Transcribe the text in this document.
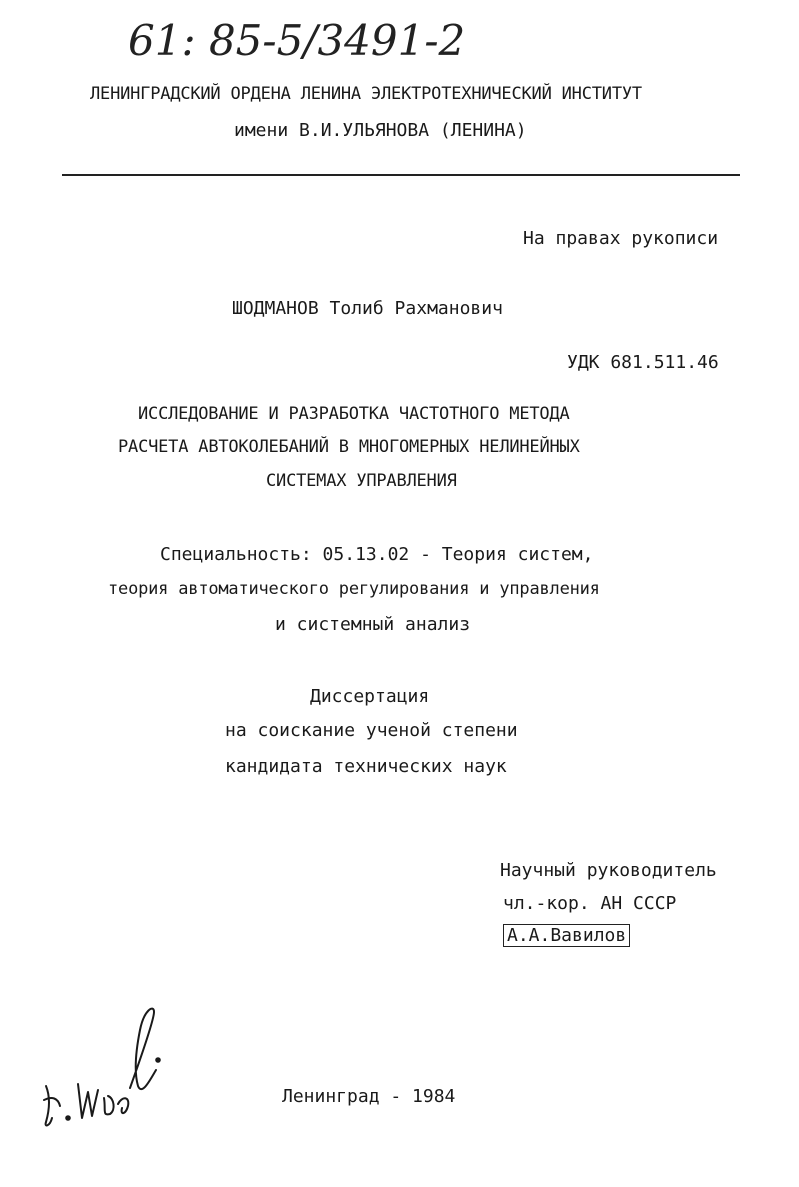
61: 85-5/3491-2
ЛЕНИНГРАДСКИЙ ОРДЕНА ЛЕНИНА ЭЛЕКТРОТЕХНИЧЕСКИЙ ИНСТИТУТ
имени В.И.УЛЬЯНОВА (ЛЕНИНА)
На правах рукописи
ШОДМАНОВ Толиб Рахманович
УДК 681.511.46
ИССЛЕДОВАНИЕ И РАЗРАБОТКА ЧАСТОТНОГО МЕТОДА
РАСЧЕТА АВТОКОЛЕБАНИЙ В МНОГОМЕРНЫХ НЕЛИНЕЙНЫХ
СИСТЕМАХ УПРАВЛЕНИЯ
Специальность: 05.13.02 - Теория систем,
теория автоматического регулирования и управления
и системный анализ
Диссертация
на соискание ученой степени
кандидата технических наук
Научный руководитель
чл.-кор. АН СССР
А.А.Вавилов
Ленинград - 1984
